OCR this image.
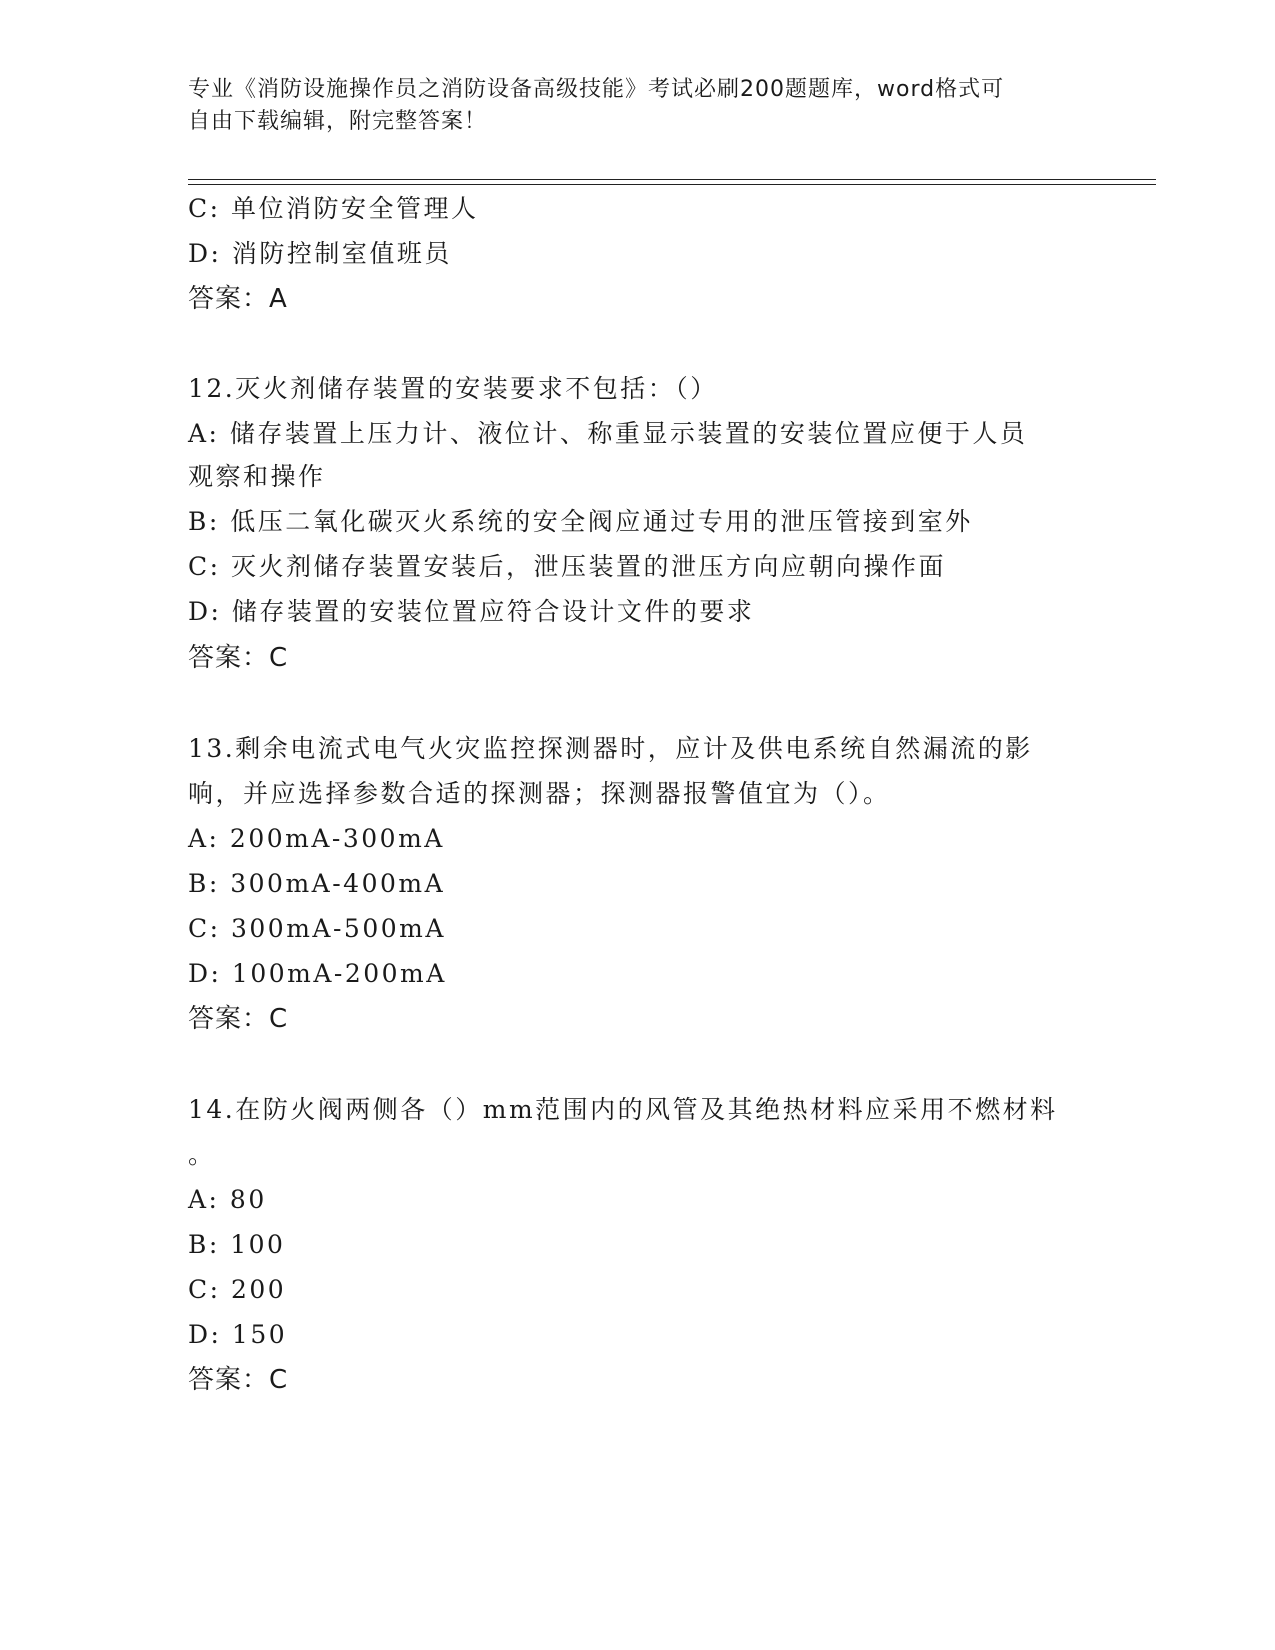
专业《消防设施操作员之消防设备高级技能》考试必刷200题题库，word格式可
自由下载编辑，附完整答案！
C: 单位消防安全管理人
D: 消防控制室值班员
答案：A
12.灭火剂储存装置的安装要求不包括：（）
A: 储存装置上压力计、液位计、称重显示装置的安装位置应便于人员
观察和操作
B: 低压二氧化碳灭火系统的安全阀应通过专用的泄压管接到室外
C: 灭火剂储存装置安装后，泄压装置的泄压方向应朝向操作面
D: 储存装置的安装位置应符合设计文件的要求
答案：C
13.剩余电流式电气火灾监控探测器时，应计及供电系统自然漏流的影
响，并应选择参数合适的探测器；探测器报警值宜为（）。
A: 200mA-300mA
B: 300mA-400mA
C: 300mA-500mA
D: 100mA-200mA
答案：C
14.在防火阀两侧各（）mm范围内的风管及其绝热材料应采用不燃材料
。
A: 80
B: 100
C: 200
D: 150
答案：C
